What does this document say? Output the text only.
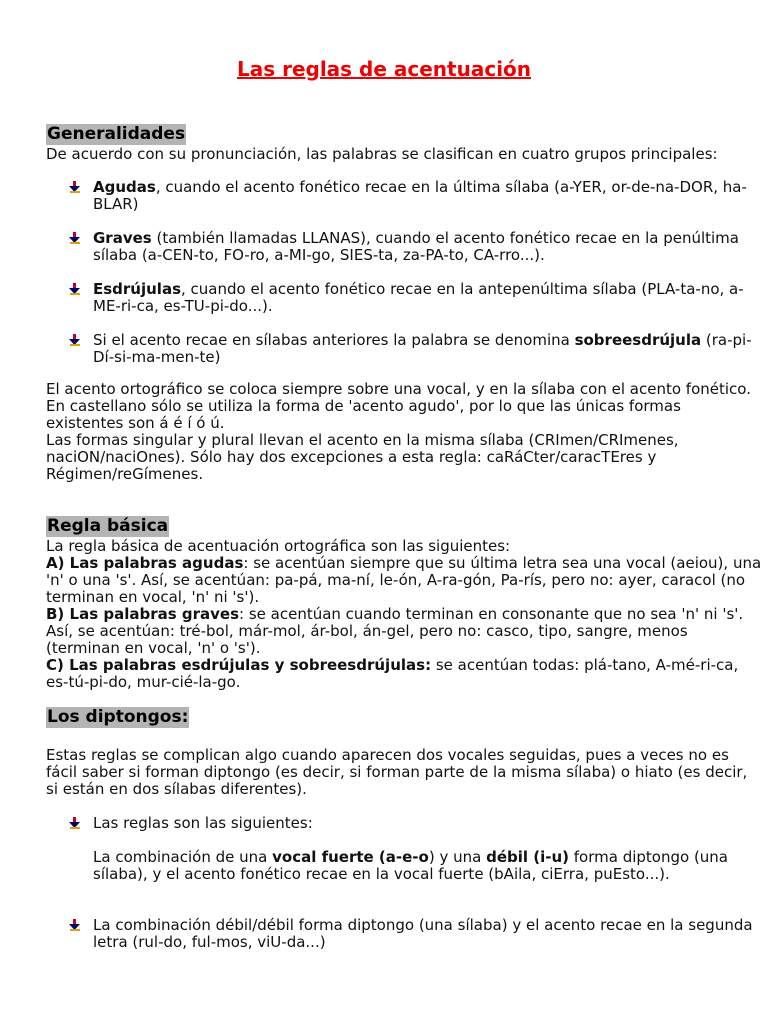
Las reglas de acentuación
Generalidades

De acuerdo con su pronunciación, las palabras se clasifican en cuatro grupos principales:

Agudas, cuando el acento fonético recae en la última sílaba (a-YER, or-de-na-DOR, ha-BLAR)
Graves (también llamadas LLANAS), cuando el acento fonético recae en la penúltima sílaba (a-CEN-to, FO-ro, a-MI-go, SIES-ta, za-PA-to, CA-rro...).
Esdrújulas, cuando el acento fonético recae en la antepenúltima sílaba (PLA-ta-no, a-ME-ri-ca, es-TU-pi-do...).
Si el acento recae en sílabas anteriores la palabra se denomina sobreesdrújula (ra-pi-Dí-si-ma-men-te)

El acento ortográfico se coloca siempre sobre una vocal, y en la sílaba con el acento fonético.

En castellano sólo se utiliza la forma de 'acento agudo', por lo que las únicas formas existentes son á é í ó ú.

Las formas singular y plural llevan el acento en la misma sílaba (CRImen/CRImenes, naciON/naciOnes). Sólo hay dos excepciones a esta regla: caRáCter/caracTEres y Régimen/reGímenes.

Regla básica

La regla básica de acentuación ortográfica son las siguientes:

A) Las palabras agudas: se acentúan siempre que su última letra sea una vocal (aeiou), una 'n' o una 's'. Así, se acentúan: pa-pá, ma-ní, le-ón, A-ra-gón, Pa-rís, pero no: ayer, caracol (no terminan en vocal, 'n' ni 's').

B) Las palabras graves: se acentúan cuando terminan en consonante que no sea 'n' ni 's'. Así, se acentúan: tré-bol, már-mol, ár-bol, án-gel, pero no: casco, tipo, sangre, menos (terminan en vocal, 'n' o 's').

C) Las palabras esdrújulas y sobreesdrújulas: se acentúan todas: plá-tano, A-mé-ri-ca, es-tú-pi-do, mur-cié-la-go.

Los diptongos:

Estas reglas se complican algo cuando aparecen dos vocales seguidas, pues a veces no es fácil saber si forman diptongo (es decir, si forman parte de la misma sílaba) o hiato (es decir, si están en dos sílabas diferentes).

Las reglas son las siguientes:

La combinación de una vocal fuerte (a-e-o) y una débil (i-u) forma diptongo (una sílaba), y el acento fonético recae en la vocal fuerte (bAila, ciErra, puEsto...).

La combinación débil/débil forma diptongo (una sílaba) y el acento recae en la segunda letra (rul-do, ful-mos, viU-da...)
